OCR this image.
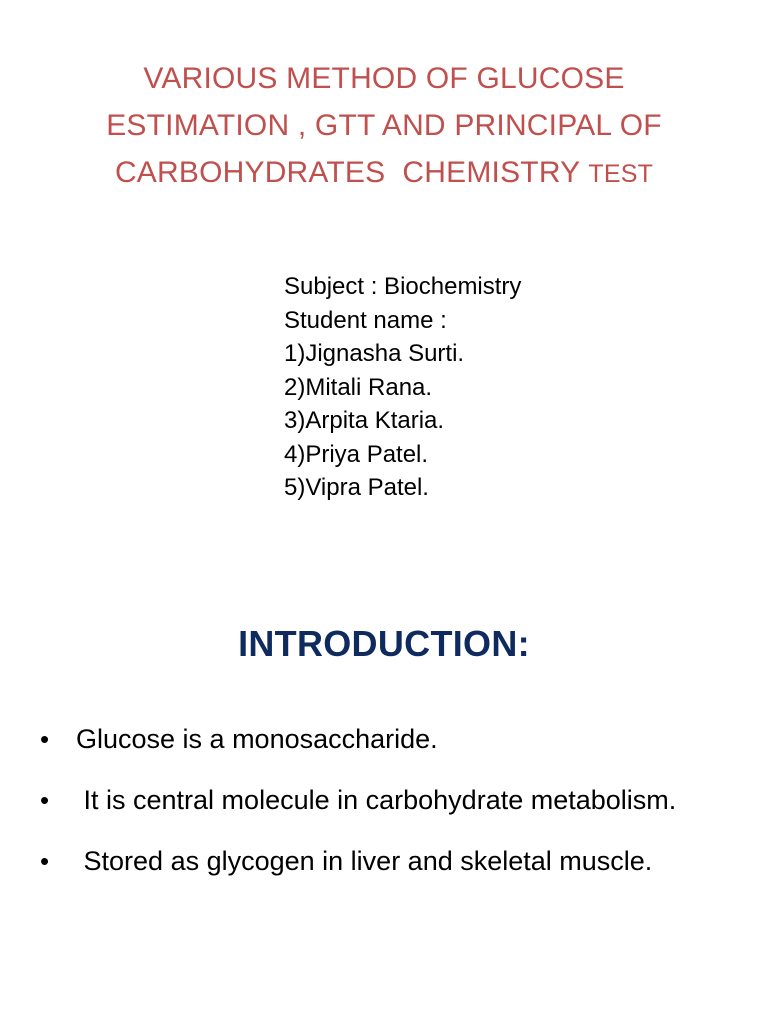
VARIOUS METHOD OF GLUCOSE
ESTIMATION , GTT AND PRINCIPAL OF
CARBOHYDRATES  CHEMISTRY TEST
Subject : Biochemistry
Student name :
1)Jignasha Surti.
2)Mitali Rana.
3)Arpita Ktaria.
4)Priya Patel.
5)Vipra Patel.
INTRODUCTION:
• Glucose is a monosaccharide.
• It is central molecule in carbohydrate metabolism.
• Stored as glycogen in liver and skeletal muscle.
